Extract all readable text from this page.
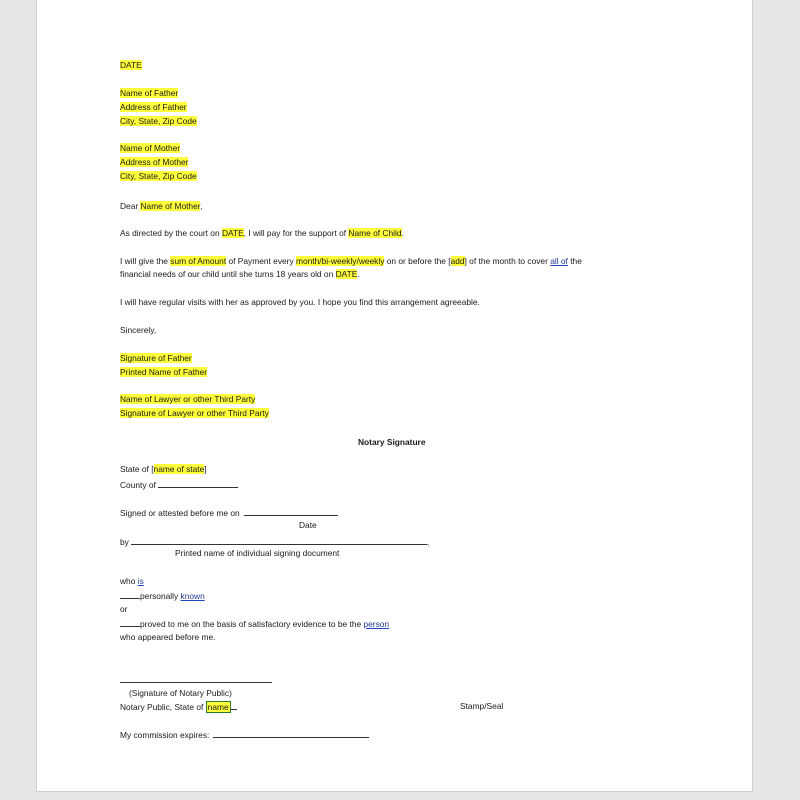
DATE
Name of Father
Address of Father
City, State, Zip Code
Name of Mother
Address of Mother
City, State, Zip Code
Dear Name of Mother,
As directed by the court on DATE, I will pay for the support of Name of Child.
I will give the sum of Amount of Payment every month/bi-weekly/weekly on or before the [add] of the month to cover all of the
financial needs of our child until she turns 18 years old on DATE.
I will have regular visits with her as approved by you. I hope you find this arrangement agreeable.
Sincerely,
Signature of Father
Printed Name of Father
Name of Lawyer or other Third Party
Signature of Lawyer or other Third Party
Notary Signature
State of [name of state]
County of
Signed or attested before me on
Date
by	,
Printed name of individual signing document
who is
personally known
or
proved to me on the basis of satisfactory evidence to be the person
who appeared before me.
(Signature of Notary Public)
Notary Public, State of name	Stamp/Seal
My commission expires:
